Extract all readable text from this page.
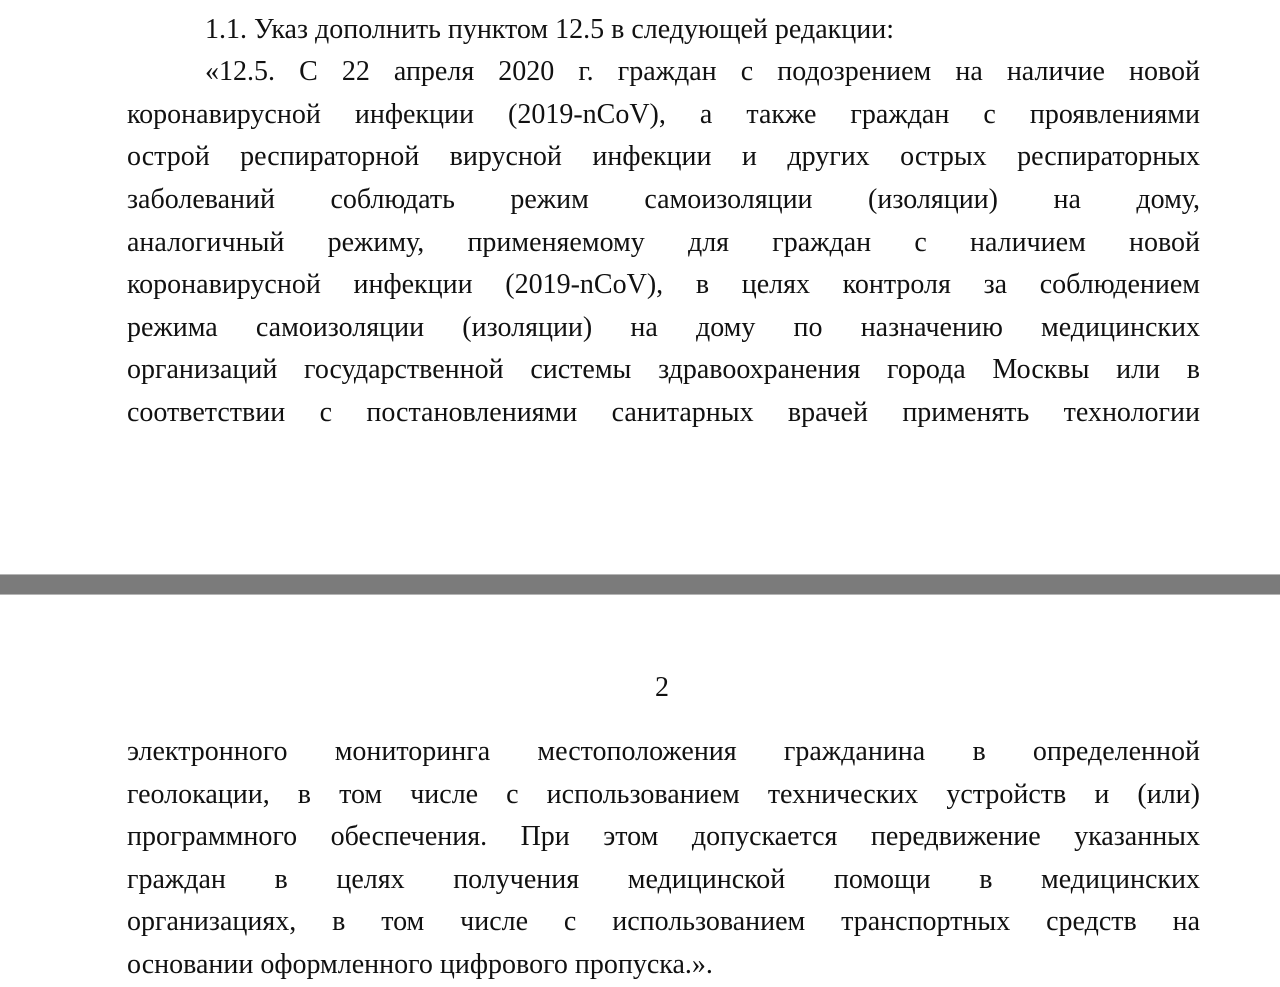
1.1. Указ дополнить пунктом 12.5 в следующей редакции:
«12.5. С 22 апреля 2020 г. граждан с подозрением на наличие новой
коронавирусной инфекции (2019-nCoV), а также граждан с проявлениями
острой респираторной вирусной инфекции и других острых респираторных
заболеваний соблюдать режим самоизоляции (изоляции) на дому,
аналогичный режиму, применяемому для граждан с наличием новой
коронавирусной инфекции (2019-nCoV), в целях контроля за соблюдением
режима самоизоляции (изоляции) на дому по назначению медицинских
организаций государственной системы здравоохранения города Москвы или в
соответствии с постановлениями санитарных врачей применять технологии
2
электронного мониторинга местоположения гражданина в определенной
геолокации, в том числе с использованием технических устройств и (или)
программного обеспечения. При этом допускается передвижение указанных
граждан в целях получения медицинской помощи в медицинских
организациях, в том числе с использованием транспортных средств на
основании оформленного цифрового пропуска.».
